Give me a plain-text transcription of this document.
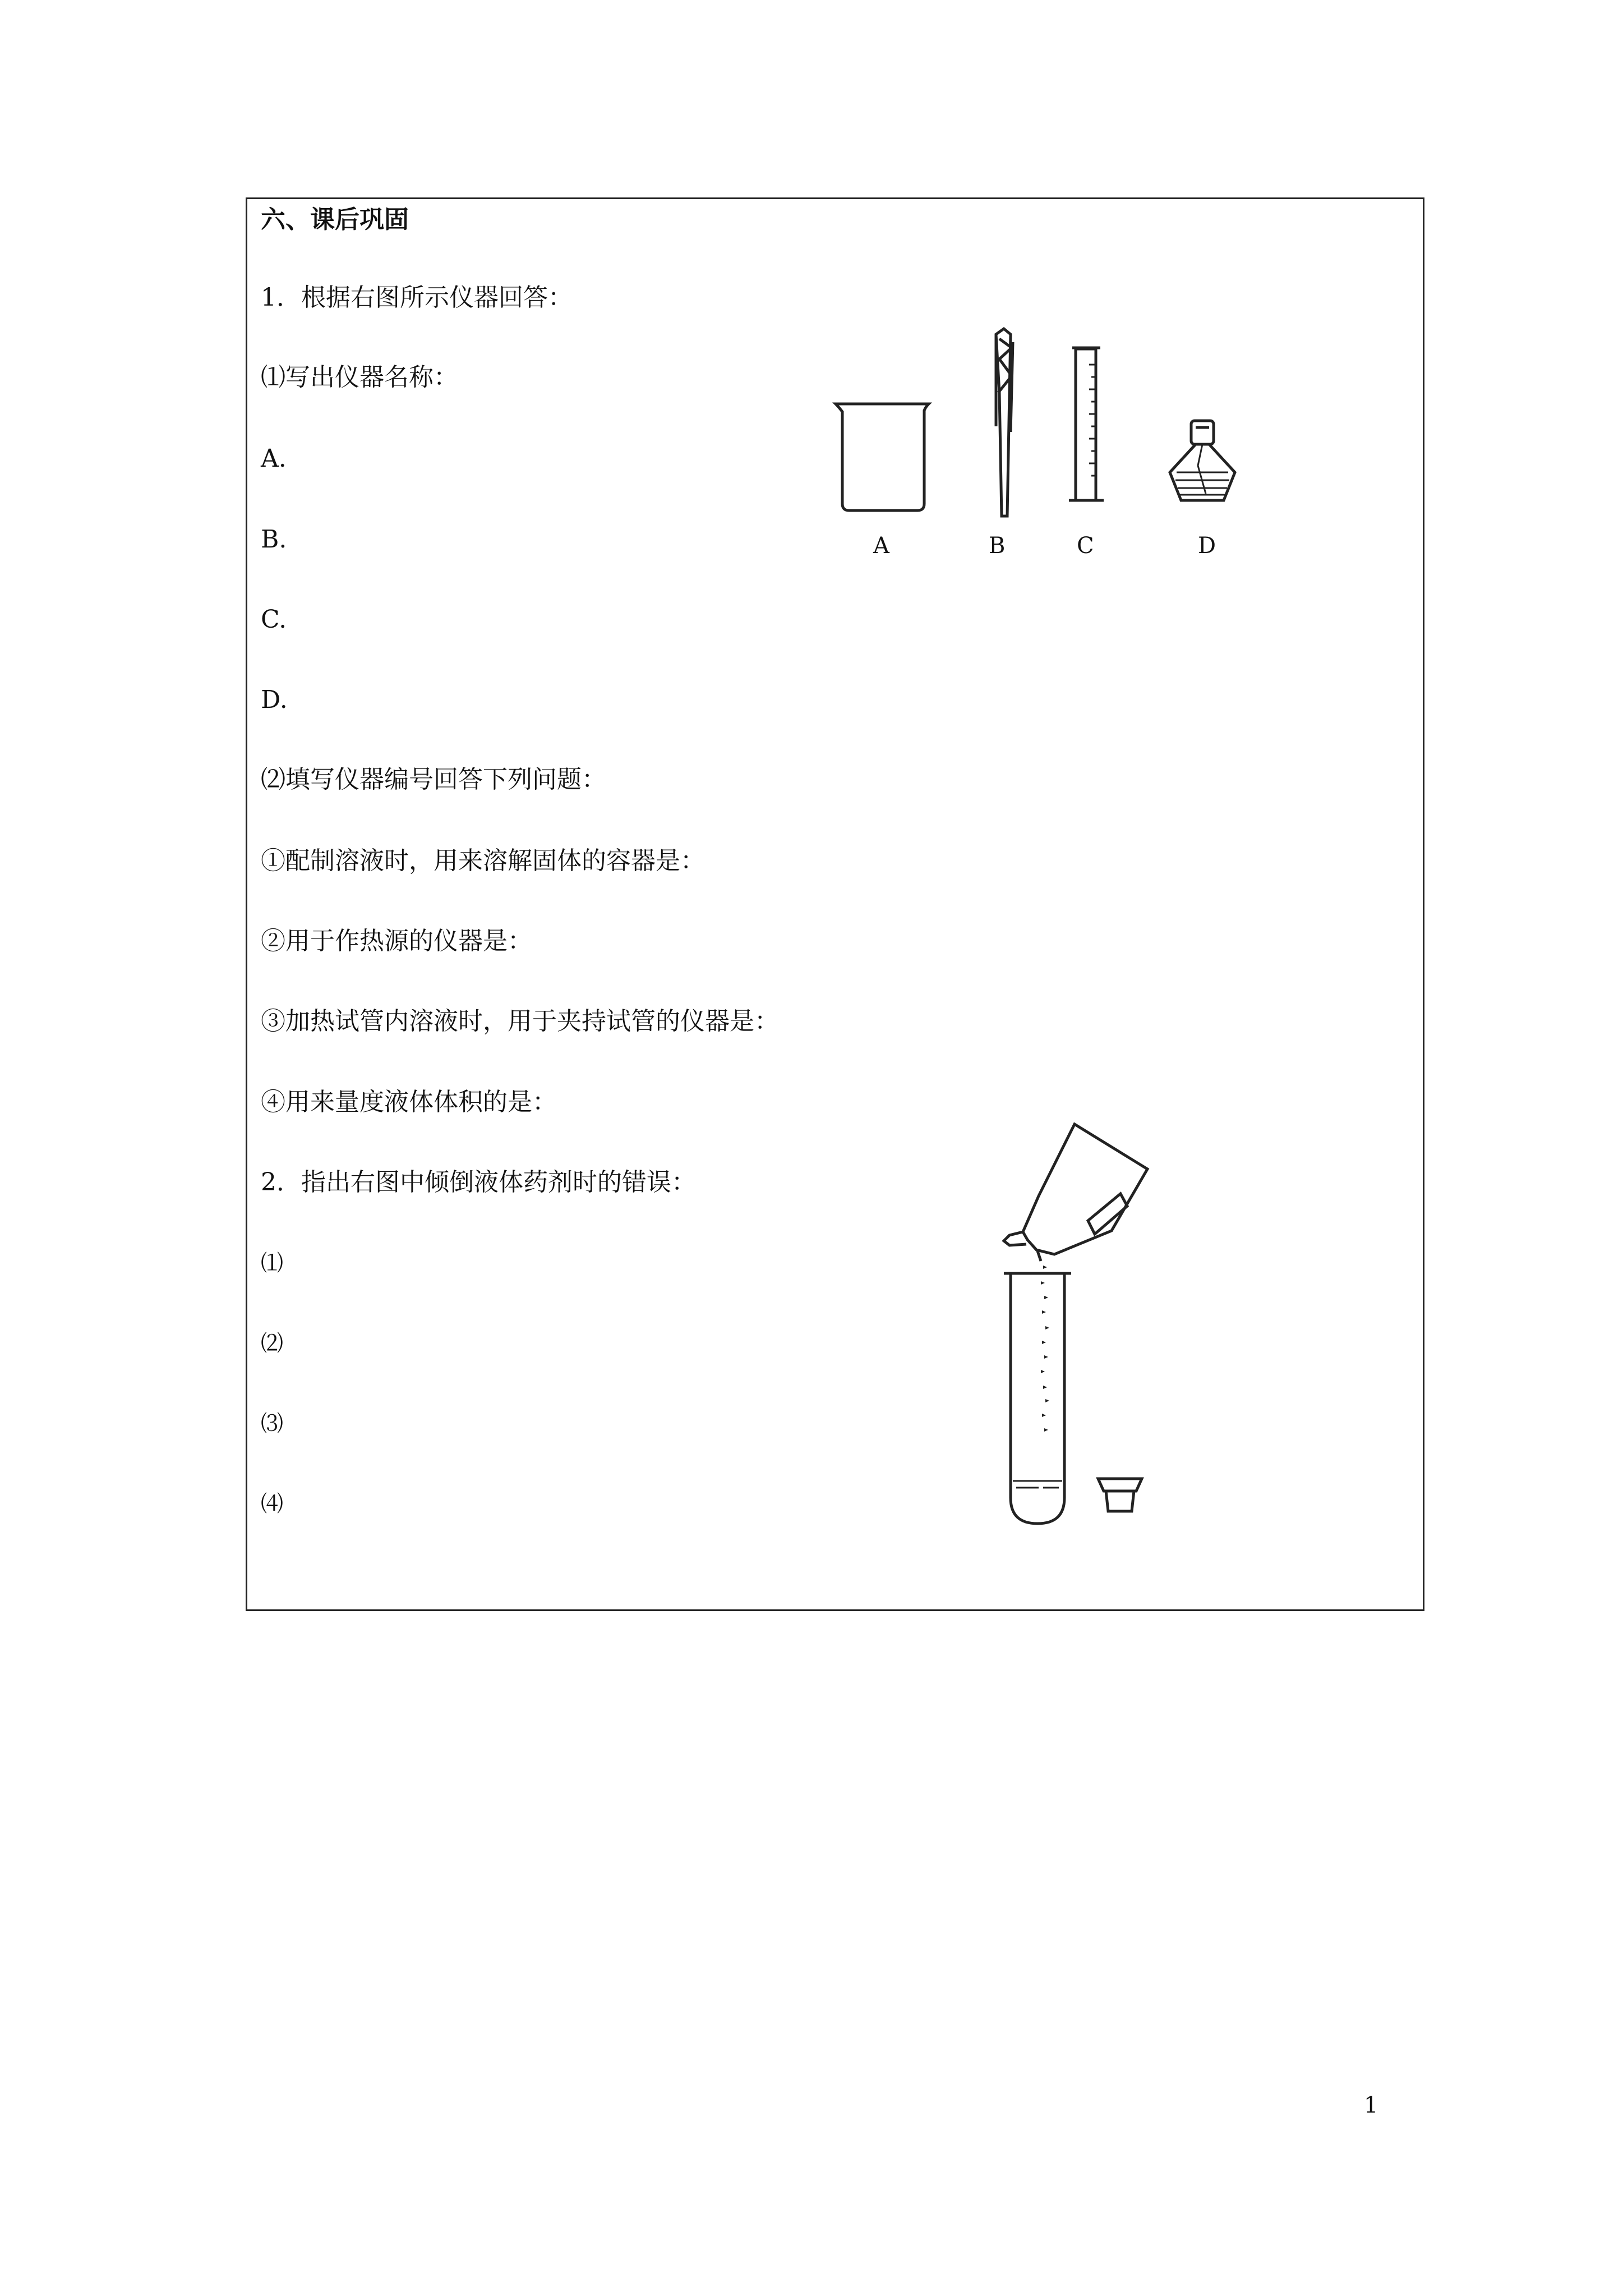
六、课后巩固
1．根据右图所示仪器回答：
⑴写出仪器名称：
A.
B.
C.
D.
⑵填写仪器编号回答下列问题：
①配制溶液时，用来溶解固体的容器是：
②用于作热源的仪器是：
③加热试管内溶液时，用于夹持试管的仪器是：
④用来量度液体体积的是：
2．指出右图中倾倒液体药剂时的错误：
⑴
⑵
⑶
⑷
A	B	C	D
1
